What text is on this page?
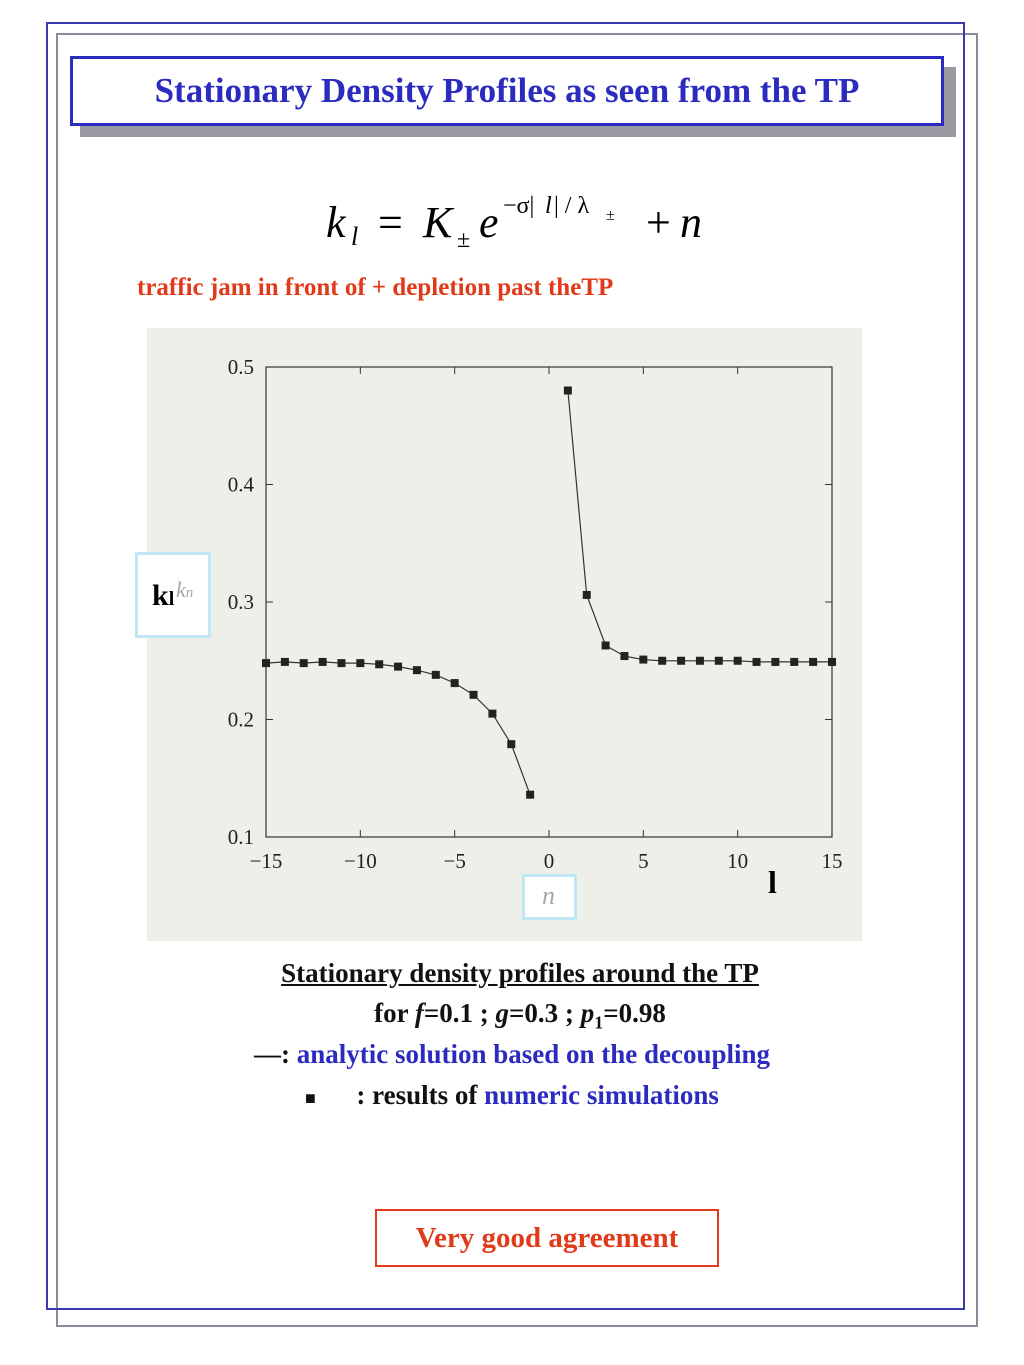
Stationary Density Profiles as seen from the TP
k l = K ± e −σ| l | / λ ± + n
traffic jam in front of + depletion past theTP
−15	−10	−5	0	5	10	15
0.1
0.2
0.3
0.4
0.5
kn
kl
n	l
Stationary density profiles around the TP
for f=0.1 ; g=0.3 ; $p_1=0.98$
—: analytic solution based on the decoupling
■      : results of numeric simulations
Very good agreement
